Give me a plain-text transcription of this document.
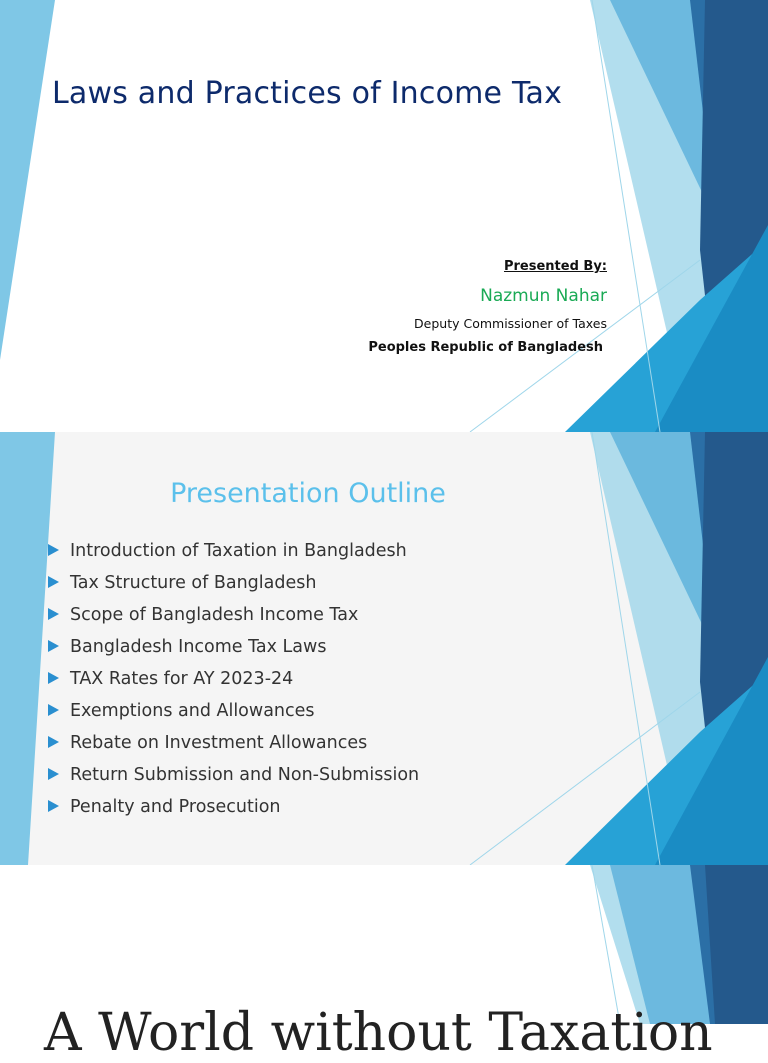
Laws and Practices of Income Tax
Presented By:
Nazmun Nahar
Deputy Commissioner of Taxes
Peoples Republic of Bangladesh
Presentation Outline
Introduction of Taxation in Bangladesh
Tax Structure of Bangladesh
Scope of Bangladesh Income Tax
Bangladesh Income Tax Laws
TAX Rates for AY 2023-24
Exemptions and Allowances
Rebate on Investment Allowances
Return Submission and Non-Submission
Penalty and Prosecution
A World without Taxation
